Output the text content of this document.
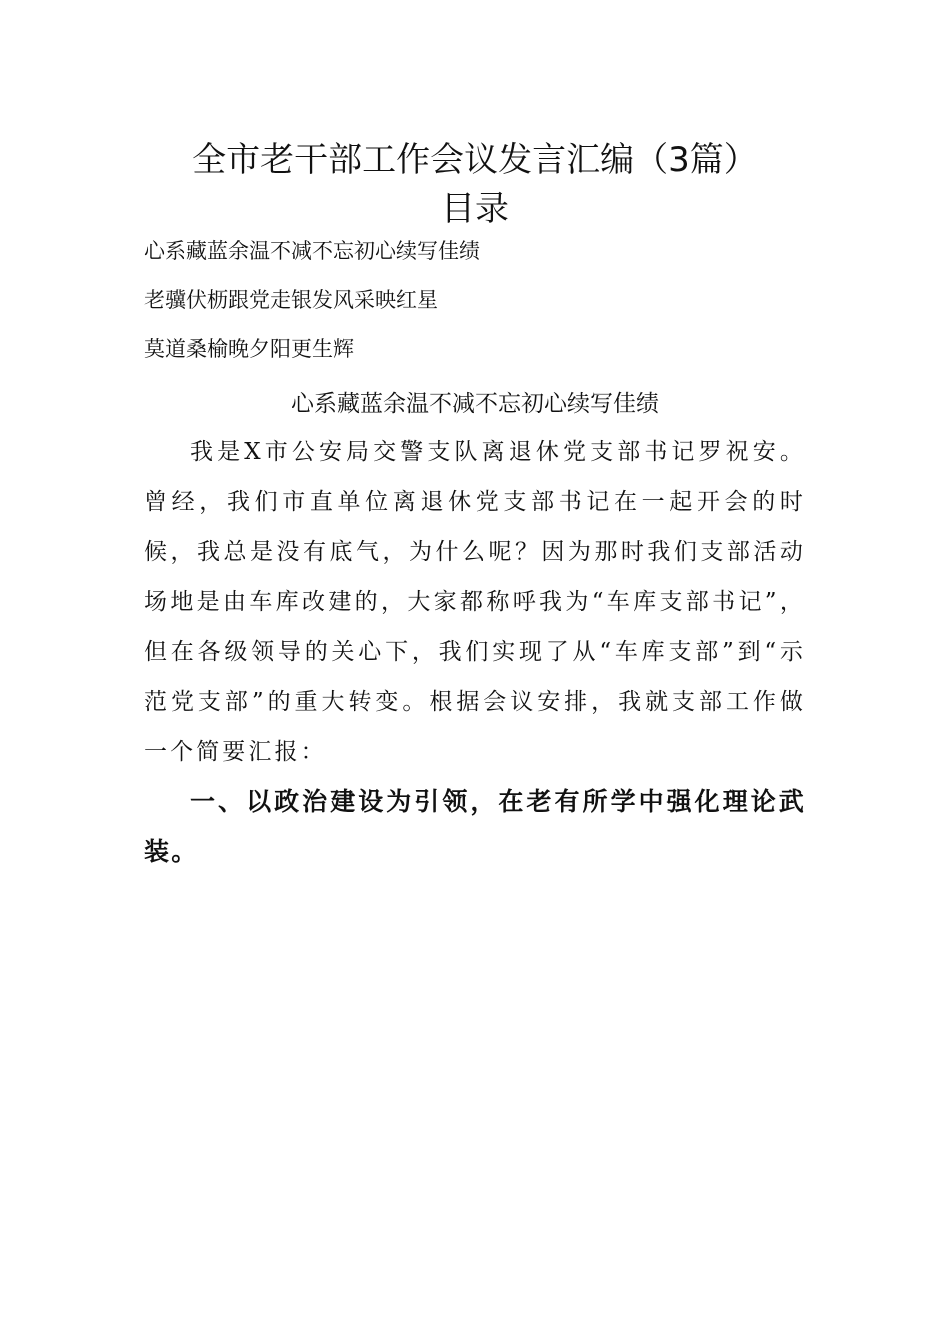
全市老干部工作会议发言汇编（3篇）
目录
心系藏蓝余温不减不忘初心续写佳绩
老骥伏枥跟党走银发风采映红星
莫道桑榆晚夕阳更生辉
心系藏蓝余温不减不忘初心续写佳绩

我是X市公安局交警支队离退休党支部书记罗祝安。曾经，我们市直单位离退休党支部书记在一起开会的时候，我总是没有底气，为什么呢？因为那时我们支部活动场地是由车库改建的，大家都称呼我为“车库支部书记”，但在各级领导的关心下，我们实现了从“车库支部”到“示范党支部”的重大转变。根据会议安排，我就支部工作做一个简要汇报：

一、以政治建设为引领，在老有所学中强化理论武装。
